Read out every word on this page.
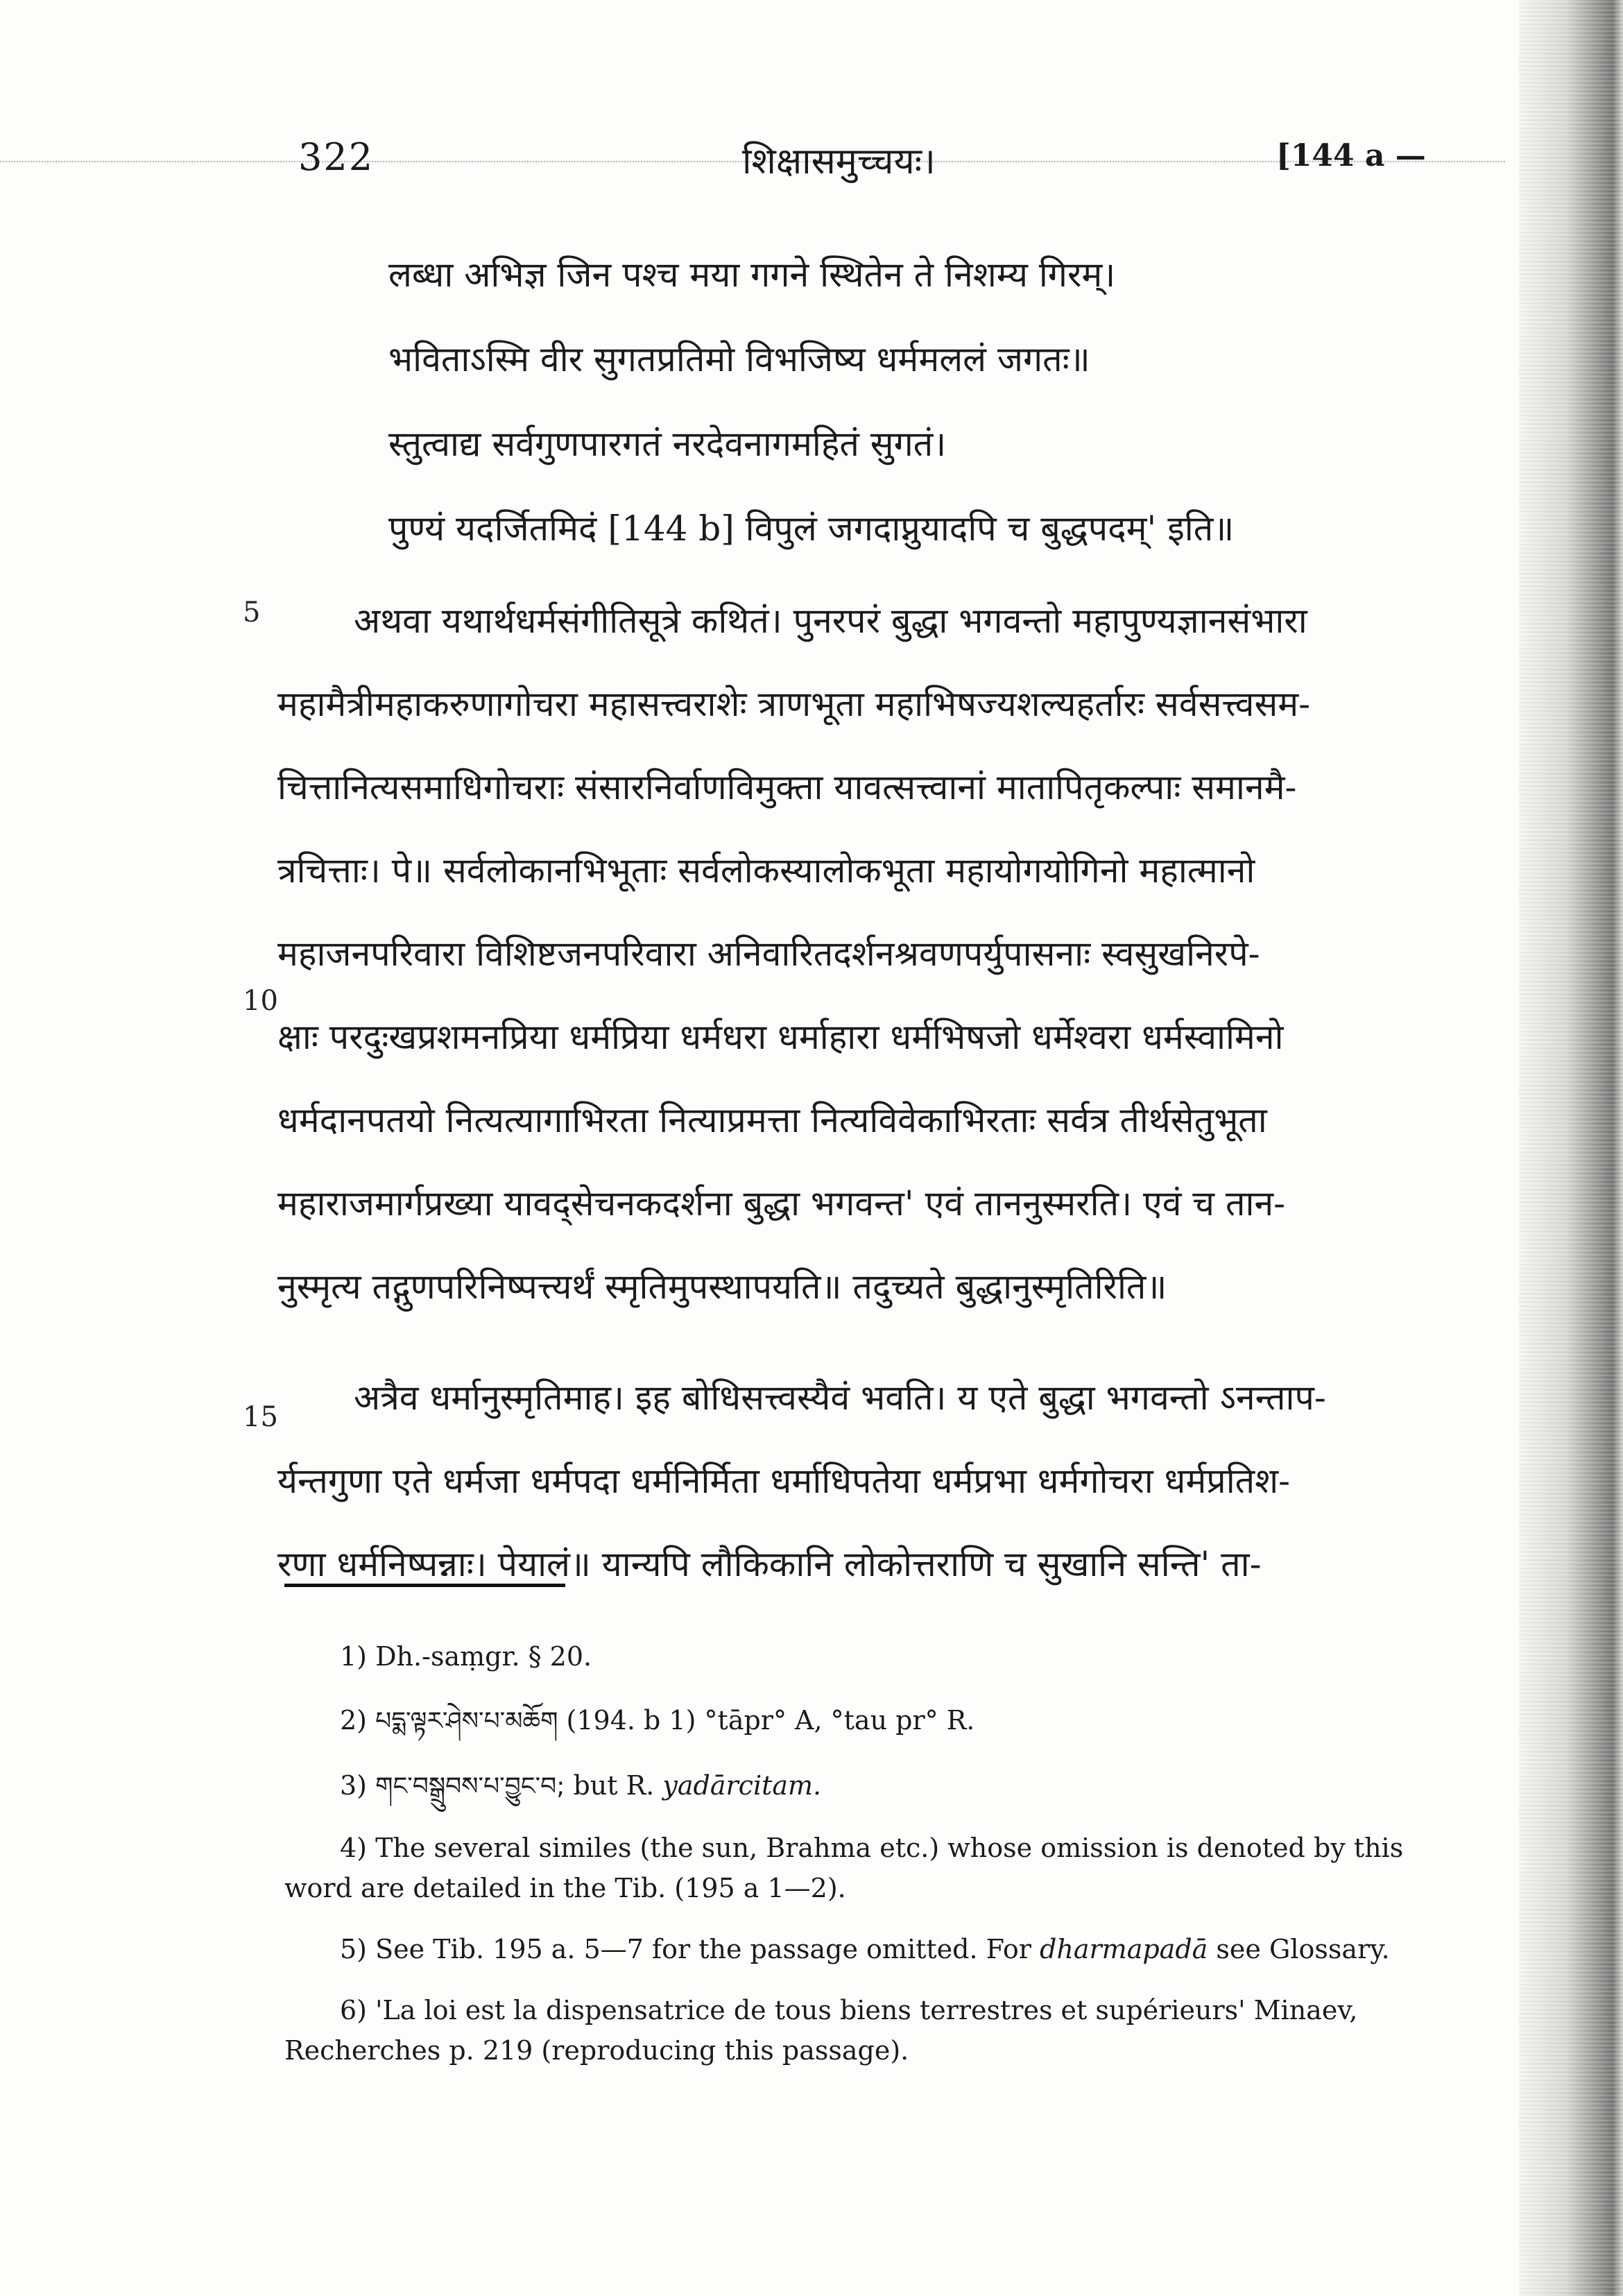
322	शिक्षासमुच्चयः।	[144 a —
लब्धा अभिज्ञ जिन पश्च मया गगने स्थितेन ते निशम्य गिरम्।
भविताऽस्मि वीर सुगतप्रतिमो विभजिष्य धर्ममललं जगतः॥
स्तुत्वाद्य सर्वगुणपारगतं नरदेवनागमहितं सुगतं।
पुण्यं यदर्जितमिदं [144 b] विपुलं जगदाप्नुयादपि च बुद्धपदम्' इति॥
5
10
15
अथवा यथार्थधर्मसंगीतिसूत्रे कथितं। पुनरपरं बुद्धा भगवन्तो महापुण्यज्ञानसंभारा
महामैत्रीमहाकरुणागोचरा महासत्त्वराशेः त्राणभूता महाभिषज्यशल्यहर्तारः सर्वसत्त्वसम-
चित्तानित्यसमाधिगोचराः संसारनिर्वाणविमुक्ता यावत्सत्त्वानां मातापितृकल्पाः समानमै-
त्रचित्ताः। पे॥ सर्वलोकानभिभूताः सर्वलोकस्यालोकभूता महायोगयोगिनो महात्मानो
महाजनपरिवारा विशिष्टजनपरिवारा अनिवारितदर्शनश्रवणपर्युपासनाः स्वसुखनिरपे-
क्षाः परदुःखप्रशमनप्रिया धर्मप्रिया धर्मधरा धर्माहारा धर्मभिषजो धर्मेश्वरा धर्मस्वामिनो
धर्मदानपतयो नित्यत्यागाभिरता नित्याप्रमत्ता नित्यविवेकाभिरताः सर्वत्र तीर्थसेतुभूता
महाराजमार्गप्रख्या यावद्सेचनकदर्शना बुद्धा भगवन्त' एवं ताननुस्मरति। एवं च तान-
नुस्मृत्य तद्गुणपरिनिष्पत्त्यर्थं स्मृतिमुपस्थापयति॥ तदुच्यते बुद्धानुस्मृतिरिति॥
अत्रैव धर्मानुस्मृतिमाह। इह बोधिसत्त्वस्यैवं भवति। य एते बुद्धा भगवन्तो ऽनन्ताप-
र्यन्तगुणा एते धर्मजा धर्मपदा धर्मनिर्मिता धर्माधिपतेया धर्मप्रभा धर्मगोचरा धर्मप्रतिश-
रणा धर्मनिष्पन्नाः। पेयालं॥ यान्यपि लौकिकानि लोकोत्तराणि च सुखानि सन्ति' ता-

1) Dh.-saṃgr. § 20.

2) པདྨ་ལྟར་ཤེས་པ་མཆོག (194. b 1) °tāpr° A, °tau pr° R.

3) གང་བསྒྲུབས་པ་བྱུང་བ; but R. yadārcitam.

4) The several similes (the sun, Brahma etc.) whose omission is denoted by this word are detailed in the Tib. (195 a 1—2).

5) See Tib. 195 a. 5—7 for the passage omitted. For dharmapadā see Glossary.

6) 'La loi est la dispensatrice de tous biens terrestres et supérieurs' Minaev, Recherches p. 219 (reproducing this passage).
